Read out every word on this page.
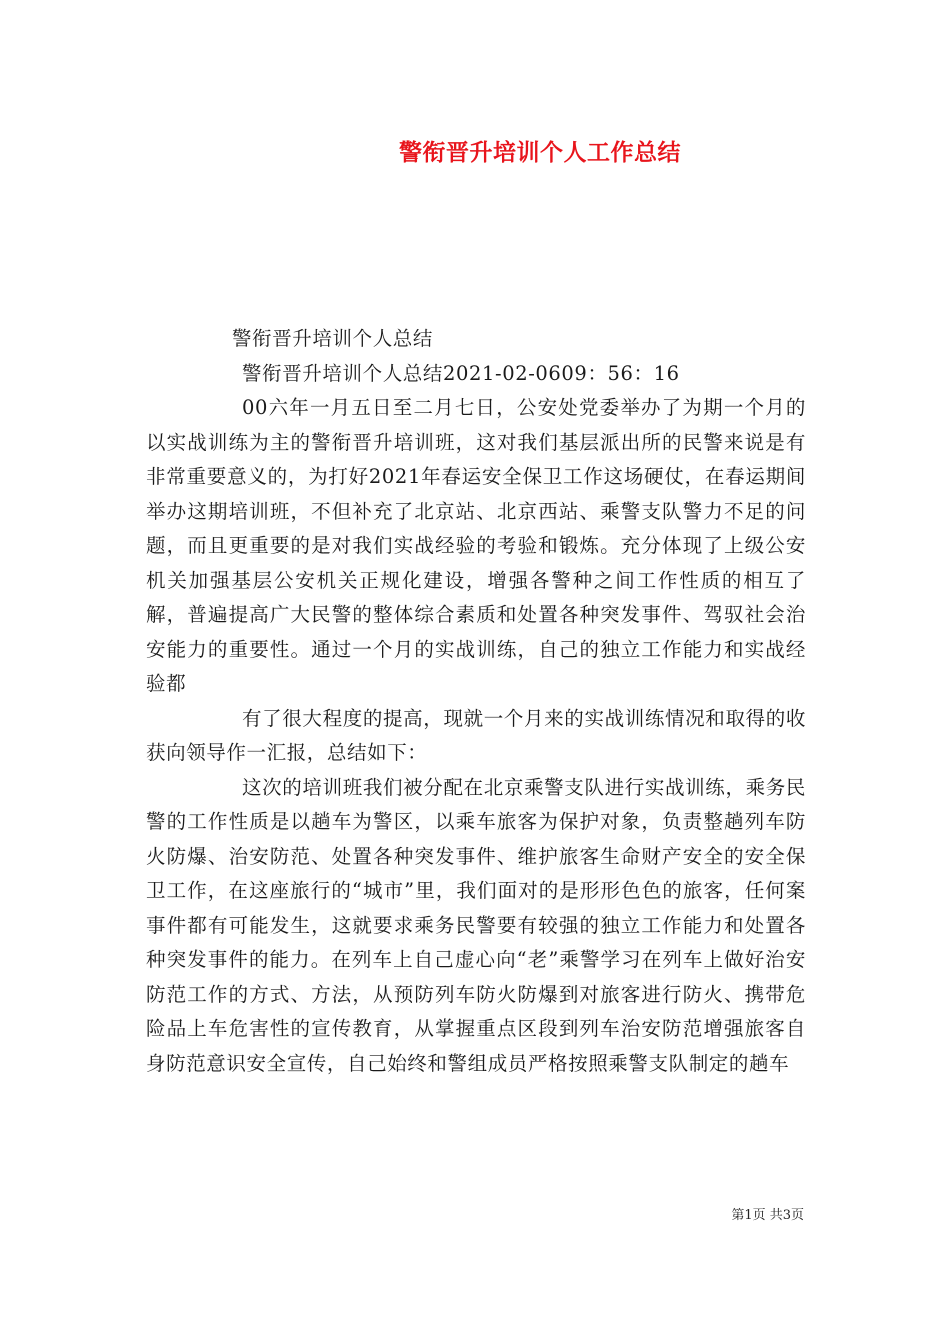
警衔晋升培训个人工作总结

警衔晋升培训个人总结

警衔晋升培训个人总结2021-02-0609：56：16

00六年一月五日至二月七日，公安处党委举办了为期一个月的以实战训练为主的警衔晋升培训班，这对我们基层派出所的民警来说是有非常重要意义的，为打好2021年春运安全保卫工作这场硬仗，在春运期间举办这期培训班，不但补充了北京站、北京西站、乘警支队警力不足的问题，而且更重要的是对我们实战经验的考验和锻炼。充分体现了上级公安机关加强基层公安机关正规化建设，增强各警种之间工作性质的相互了解，普遍提高广大民警的整体综合素质和处置各种突发事件、驾驭社会治安能力的重要性。通过一个月的实战训练，自己的独立工作能力和实战经验都

有了很大程度的提高，现就一个月来的实战训练情况和取得的收获向领导作一汇报，总结如下：

这次的培训班我们被分配在北京乘警支队进行实战训练，乘务民警的工作性质是以趟车为警区，以乘车旅客为保护对象，负责整趟列车防火防爆、治安防范、处置各种突发事件、维护旅客生命财产安全的安全保卫工作，在这座旅行的“城市”里，我们面对的是形形色色的旅客，任何案事件都有可能发生，这就要求乘务民警要有较强的独立工作能力和处置各种突发事件的能力。在列车上自己虚心向“老”乘警学习在列车上做好治安防范工作的方式、方法，从预防列车防火防爆到对旅客进行防火、携带危险品上车危害性的宣传教育，从掌握重点区段到列车治安防范增强旅客自身防范意识安全宣传，自己始终和警组成员严格按照乘警支队制定的趟车

第1页 共3页
